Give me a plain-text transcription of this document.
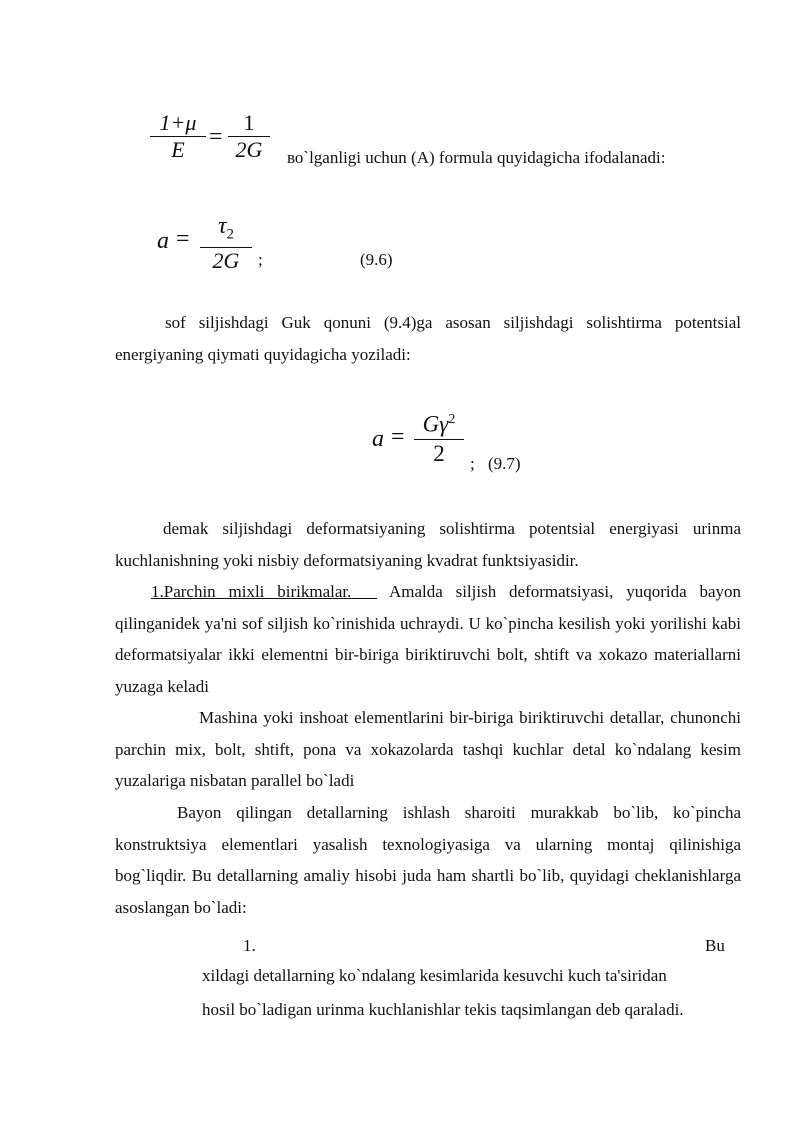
1+μ
E	=
1
2G	во`lganligi uchun (A) formula quyidagicha ifodalanadi:
a =	$\tau_2$
2G	;	(9.6)
sof siljishdagi Guk qonuni (9.4)ga asosan siljishdagi solishtirma potentsial energiyaning qiymati quyidagicha yoziladi:
$a = G\gamma^2$
2	; (9.7)
demak siljishdagi deformatsiyaning solishtirma potentsial energiyasi urinma kuchlanishning yoki nisbiy deformatsiyaning kvadrat funktsiyasidir.
1.Parchin mixli birikmalar. Amalda siljish deformatsiyasi, yuqorida bayon qilinganidek ya'ni sof siljish ko`rinishida uchraydi. U ko`pincha kesilish yoki yorilishi kabi deformatsiyalar ikki elementni bir-biriga biriktiruvchi bolt, shtift va xokazo materiallarni yuzaga keladi
Mashina yoki inshoat elementlarini bir-biriga biriktiruvchi detallar, chunonchi parchin mix, bolt, shtift, pona va xokazolarda tashqi kuchlar detal ko`ndalang kesim yuzalariga nisbatan parallel bo`ladi
Bayon qilingan detallarning ishlash sharoiti murakkab bo`lib, ko`pincha konstruktsiya elementlari yasalish texnologiyasiga va ularning montaj qilinishiga bog`liqdir. Bu detallarning amaliy hisobi juda ham shartli bo`lib, quyidagi cheklanishlarga asoslangan bo`ladi:
1.	Bu
xildagi detallarning ko`ndalang kesimlarida kesuvchi kuch ta'siridan
hosil bo`ladigan urinma kuchlanishlar tekis taqsimlangan deb qaraladi.
